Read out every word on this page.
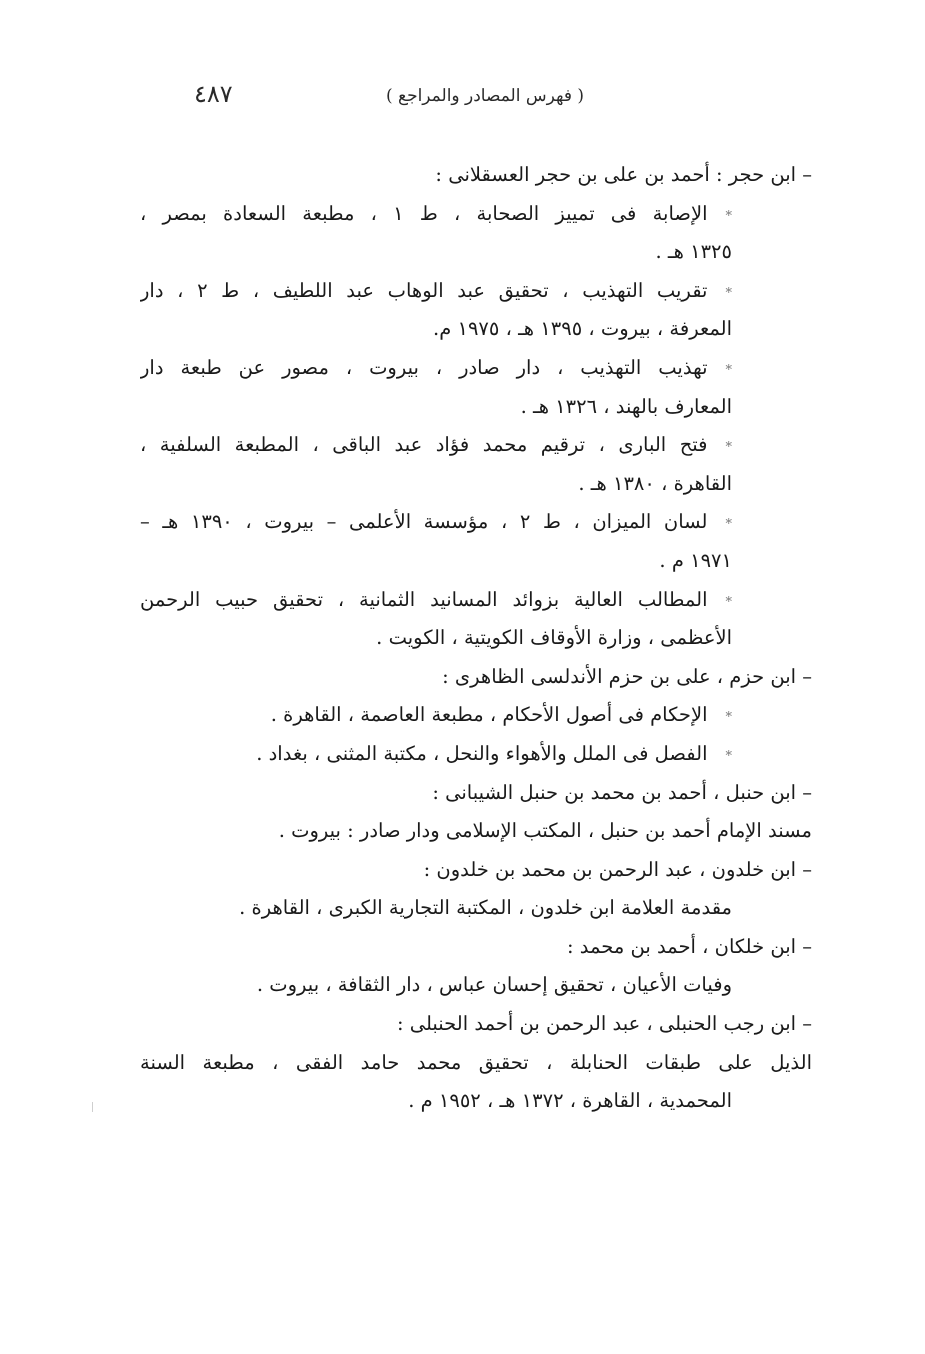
( فهرس المصادر والمراجع )
٤٨٧
– ابن حجر : أحمد بن على بن حجر العسقلانى :
*الإصابة فى تمييز الصحابة ، ط ١ ، مطبعة السعادة بمصر ،
١٣٢٥ هـ .
*تقريب التهذيب ، تحقيق عبد الوهاب عبد اللطيف ، ط ٢ ، دار
المعرفة ، بيروت ، ١٣٩٥ هـ ، ١٩٧٥ م.
*تهذيب التهذيب ، دار صادر ، بيروت ، مصور عن طبعة دار
المعارف بالهند ، ١٣٢٦ هـ .
*فتح البارى ، ترقيم محمد فؤاد عبد الباقى ، المطبعة السلفية ،
القاهرة ، ١٣٨٠ هـ .
*لسان الميزان ، ط ٢ ، مؤسسة الأعلمى – بيروت ، ١٣٩٠ هـ –
١٩٧١ م .
*المطالب العالية بزوائد المسانيد الثمانية ، تحقيق حبيب الرحمن
الأعظمى ، وزارة الأوقاف الكويتية ، الكويت .
– ابن حزم ، على بن حزم الأندلسى الظاهرى :
*الإحكام فى أصول الأحكام ، مطبعة العاصمة ، القاهرة .
*الفصل فى الملل والأهواء والنحل ، مكتبة المثنى ، بغداد .
– ابن حنبل ، أحمد بن محمد بن حنبل الشيبانى :
مسند الإمام أحمد بن حنبل ، المكتب الإسلامى ودار صادر : بيروت .
– ابن خلدون ، عبد الرحمن بن محمد بن خلدون :
مقدمة العلامة ابن خلدون ، المكتبة التجارية الكبرى ، القاهرة .
– ابن خلكان ، أحمد بن محمد :
وفيات الأعيان ، تحقيق إحسان عباس ، دار الثقافة ، بيروت .
– ابن رجب الحنبلى ، عبد الرحمن بن أحمد الحنبلى :
الذيل على طبقات الحنابلة ، تحقيق محمد حامد الفقى ، مطبعة السنة
المحمدية ، القاهرة ، ١٣٧٢ هـ ، ١٩٥٢ م .
